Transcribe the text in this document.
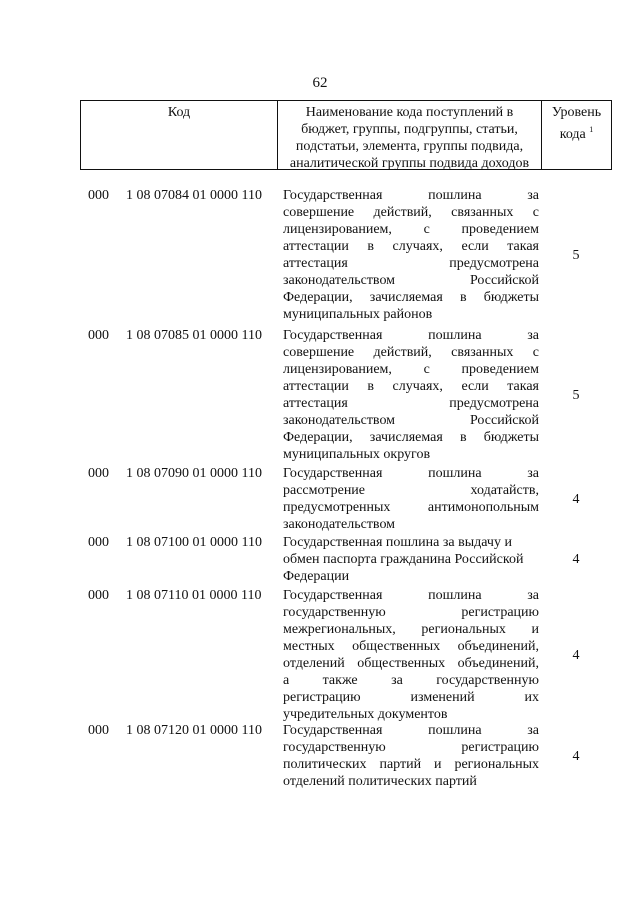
62
Код	Наименование кода поступлений в
бюджет, группы, подгруппы, статьи,
подстатьи, элемента, группы подвида,
аналитической группы подвида доходов
Уровень
кода $^1$
000 1 08 07084 01 0000 110 Государственная пошлина за
совершение действий, связанных с
лицензированием, с проведением
аттестации в случаях, если такая
аттестация предусмотрена
законодательством Российской
Федерации, зачисляемая в бюджеты
муниципальных районов
5
000 1 08 07085 01 0000 110 Государственная пошлина за
совершение действий, связанных с
лицензированием, с проведением
аттестации в случаях, если такая
аттестация предусмотрена
законодательством Российской
Федерации, зачисляемая в бюджеты
муниципальных округов
5
000 1 08 07090 01 0000 110 Государственная пошлина за
рассмотрение ходатайств,
предусмотренных антимонопольным
законодательством
4
000 1 08 07100 01 0000 110 Государственная пошлина за выдачу и
обмен паспорта гражданина Российской
Федерации
4
000 1 08 07110 01 0000 110 Государственная пошлина за
государственную регистрацию
межрегиональных, региональных и
местных общественных объединений,
отделений общественных объединений,
а также за государственную
регистрацию изменений их
учредительных документов
4
000 1 08 07120 01 0000 110 Государственная пошлина за
государственную регистрацию
политических партий и региональных
отделений политических партий
4
